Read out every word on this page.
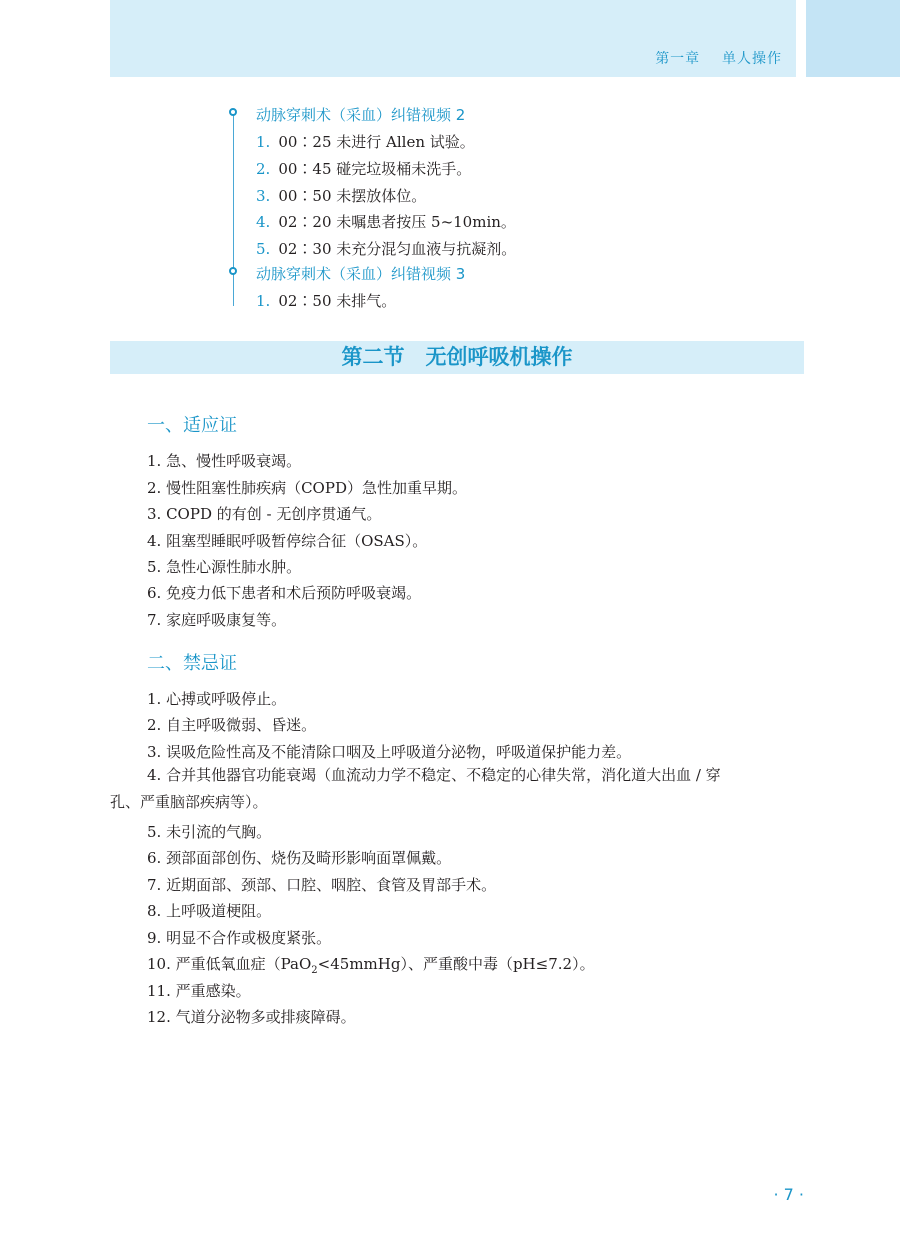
第一章 单人操作
动脉穿刺术（采血）纠错视频 2
1. 00∶25 未进行 Allen 试验。
2. 00∶45 碰完垃圾桶未洗手。
3. 00∶50 未摆放体位。
4. 02∶20 未嘱患者按压 5~10min。
5. 02∶30 未充分混匀血液与抗凝剂。
动脉穿刺术（采血）纠错视频 3
1. 02∶50 未排气。
第二节　无创呼吸机操作
一、适应证
1. 急、慢性呼吸衰竭。
2. 慢性阻塞性肺疾病（COPD）急性加重早期。
3. COPD 的有创 - 无创序贯通气。
4. 阻塞型睡眠呼吸暂停综合征（OSAS）。
5. 急性心源性肺水肿。
6. 免疫力低下患者和术后预防呼吸衰竭。
7. 家庭呼吸康复等。
二、禁忌证
1. 心搏或呼吸停止。
2. 自主呼吸微弱、昏迷。
3. 误吸危险性高及不能清除口咽及上呼吸道分泌物，呼吸道保护能力差。
4. 合并其他器官功能衰竭（血流动力学不稳定、不稳定的心律失常，消化道大出血 / 穿
孔、严重脑部疾病等）。
5. 未引流的气胸。
6. 颈部面部创伤、烧伤及畸形影响面罩佩戴。
7. 近期面部、颈部、口腔、咽腔、食管及胃部手术。
8. 上呼吸道梗阻。
9. 明显不合作或极度紧张。
10. 严重低氧血症（PaO$_2$<45mmHg）、严重酸中毒（pH≤7.2）。
11. 严重感染。
12. 气道分泌物多或排痰障碍。
· 7 ·
